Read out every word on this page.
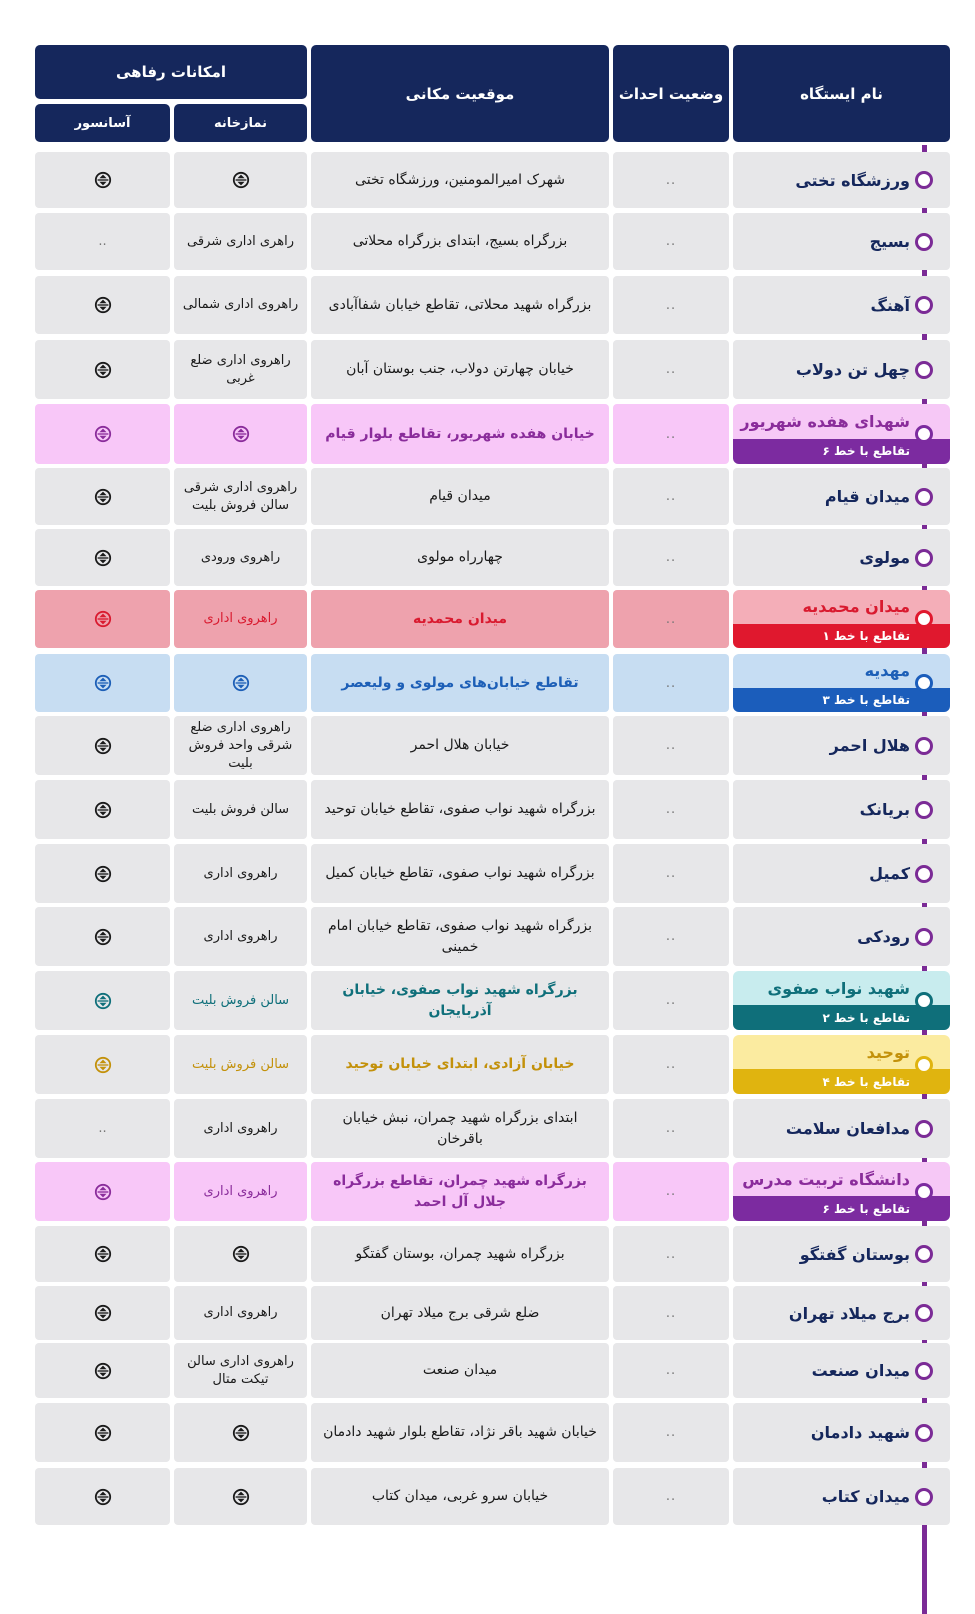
نام ایستگاه
وضعیت احداث
موقعیت مکانی
امکانات رفاهی
نمازخانه
آسانسور
ورزشگاه تختی
..
شهرک امیرالمومنین، ورزشگاه تختی
بسیج
..
بزرگراه بسیج، ابتدای بزرگراه محلاتی
راهری اداری شرقی
..
آهنگ
..
بزرگراه شهید محلاتی، تقاطع خیابان شفاآبادی
راهروی اداری شمالی
چهل تن دولاب
..
خیابان چهارتن دولاب، جنب بوستان آبان
راهروی اداری ضلع غربی
شهدای هفده شهریور
تقاطع با خط ۶
..
خیابان هفده شهریور، تقاطع بلوار قیام
میدان قیام
..
میدان قیام
راهروی اداری شرقی سالن فروش بلیت
مولوی
..
چهارراه مولوی
راهروی ورودی
میدان محمدیه
تقاطع با خط ۱
..
میدان محمدیه
راهروی اداری
مهدیه
تقاطع با خط ۳
..
تقاطع خیابان‌های مولوی و ولیعصر
هلال احمر
..
خیابان هلال احمر
راهروی اداری ضلع شرقی واحد فروش بلیت
بریانک
..
بزرگراه شهید نواب صفوی، تقاطع خیابان توحید
سالن فروش بلیت
کمیل
..
بزرگراه شهید نواب صفوی، تقاطع خیابان کمیل
راهروی اداری
رودکی
..
بزرگراه شهید نواب صفوی، تقاطع خیابان امام خمینی
راهروی اداری
شهید نواب صفوی
تقاطع با خط ۲
..
بزرگراه شهید نواب صفوی، خیابان آذربایجان
سالن فروش بلیت
توحید
تقاطع با خط ۴
..
خیابان آزادی، ابتدای خیابان توحید
سالن فروش بلیت
مدافعان سلامت
..
ابتدای بزرگراه شهید چمران، نبش خیابان باقرخان
راهروی اداری
..
دانشگاه تربیت مدرس
تقاطع با خط ۶
..
بزرگراه شهید چمران، تقاطع بزرگراه جلال آل احمد
راهروی اداری
بوستان گفتگو
..
بزرگراه شهید چمران، بوستان گفتگو
برج میلاد تهران
..
ضلع شرقی برج میلاد تهران
راهروی اداری
میدان صنعت
..
میدان صنعت
راهروی اداری سالن تیکت متال
شهید دادمان
..
خیابان شهید باقر نژاد، تقاطع بلوار شهید دادمان
میدان کتاب
..
خیابان سرو غربی، میدان کتاب
